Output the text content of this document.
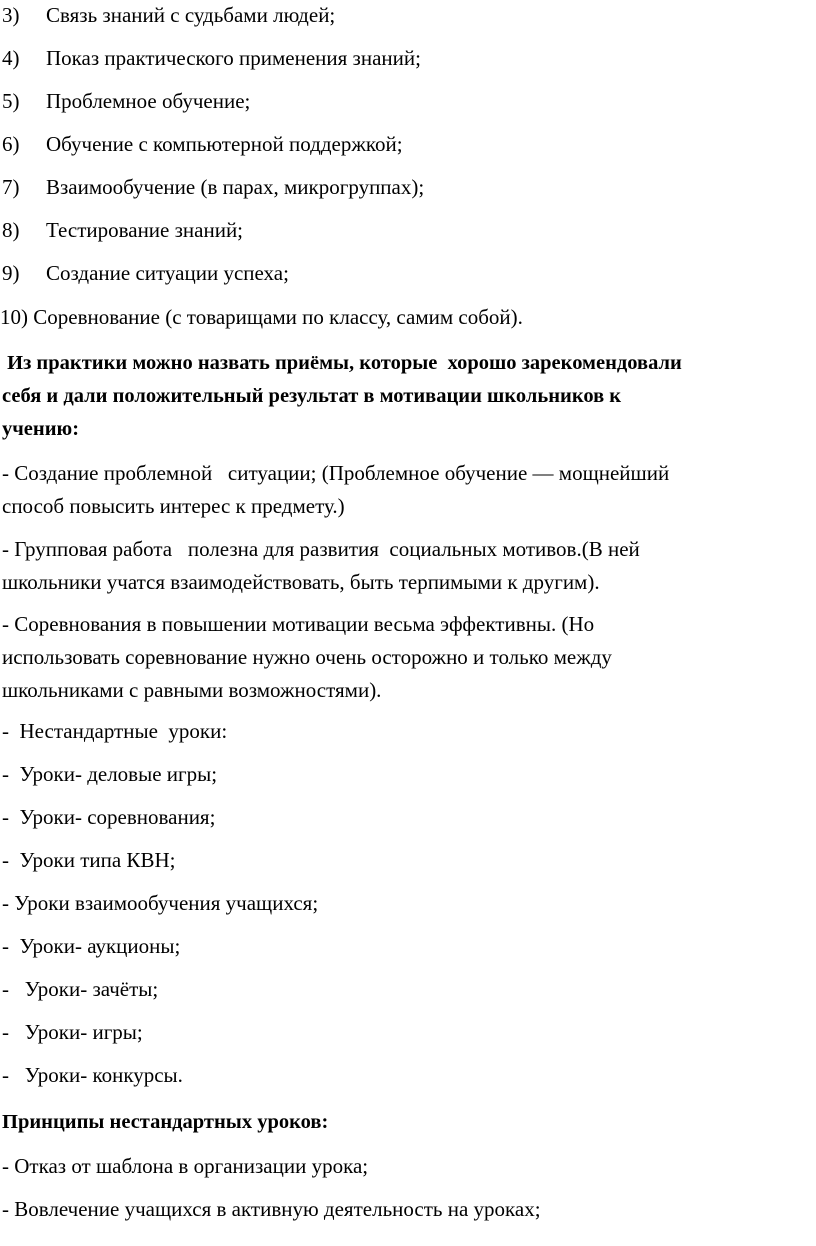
3)

Связь знаний с судьбами людей;

4)

Показ практического применения знаний;

5)

Проблемное обучение;

6)

Обучение с компьютерной поддержкой;

7)

Взаимообучение (в парах, микрогруппах);

8)

Тестирование знаний;

9)

Создание ситуации успеха;

10) Соревнование (с товарищами по классу, самим собой).
Из практики можно назвать приёмы, которые  хорошо зарекомендовали
себя и дали положительный результат в мотивации школьников к
учению:
- Создание проблемной   ситуации; (Проблемное обучение — мощнейший
способ повысить интерес к предмету.)
- Групповая работа   полезна для развития  социальных мотивов.(В ней
школьники учатся взаимодействовать, быть терпимыми к другим).
- Соревнования в повышении мотивации весьма эффективны. (Но
использовать соревнование нужно очень осторожно и только между
школьниками с равными возможностями).
-  Нестандартные  уроки:
-  Уроки- деловые игры;
-  Уроки- соревнования;
-  Уроки типа КВН;
- Уроки взаимообучения учащихся;
-  Уроки- аукционы;
-   Уроки- зачёты;
-   Уроки- игры;
-   Уроки- конкурсы.
Принципы нестандартных уроков:
- Отказ от шаблона в организации урока;
- Вовлечение учащихся в активную деятельность на уроках;
